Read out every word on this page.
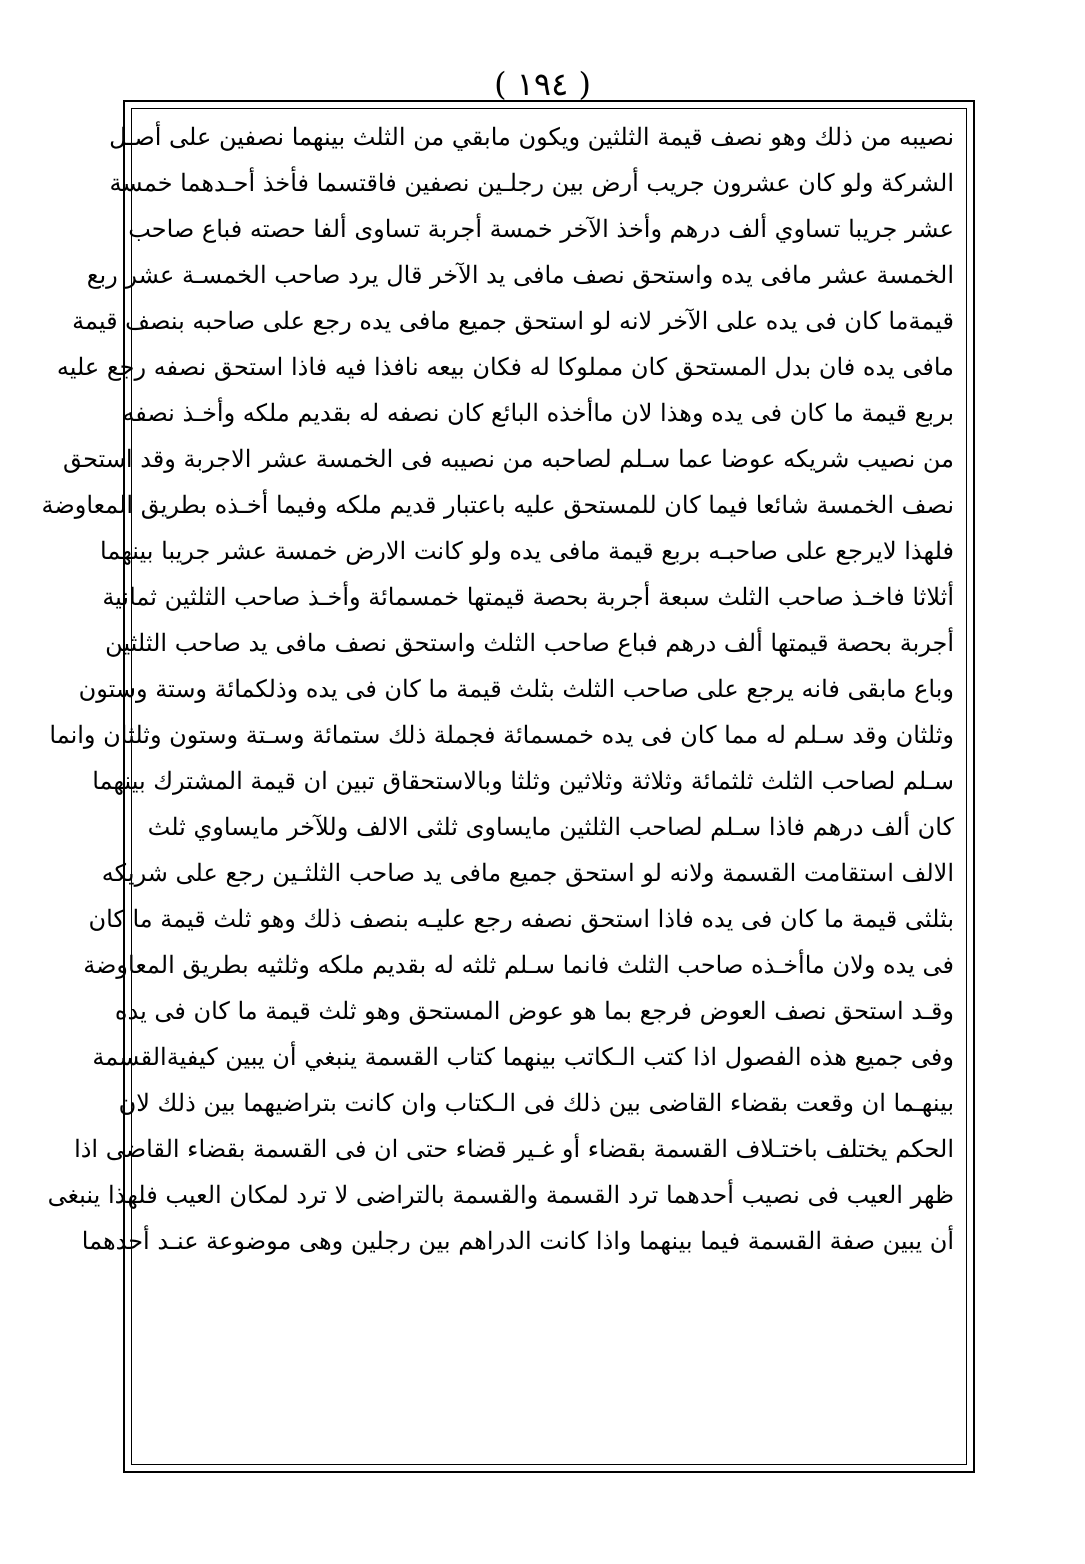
( ١٩٤ )
نصيبه من ذلك وهو نصف قيمة الثلثين ويكون مابقي من الثلث بينهما نصفين على أصـل
الشركة ولو كان عشرون جريب أرض بين رجلـين نصفين فاقتسما فأخذ أحـدهما خمسة
عشر جريبا تساوي ألف درهم وأخذ الآخر خمسة أجربة تساوى ألفا حصته فباع صاحب
الخمسة عشر مافى يده واستحق نصف مافى يد الآخر قال يرد صاحب الخمسـة عشر ربع
قيمةما كان فى يده على الآخر لانه لو استحق جميع مافى يده رجع على صاحبه بنصف قيمة
مافى يده فان بدل المستحق كان مملوكا له فكان بيعه نافذا فيه فاذا استحق نصفه رجع عليه
بربع قيمة ما كان فى يده وهذا لان ماأخذه البائع كان نصفه له بقديم ملكه وأخـذ نصفه
من نصيب شريكه عوضا عما سـلم لصاحبه من نصيبه فى الخمسة عشر الاجربة وقد استحق
نصف الخمسة شائعا فيما كان للمستحق عليه باعتبار قديم ملكه وفيما أخـذه بطريق المعاوضة
فلهذا لايرجع على صاحبـه بربع قيمة مافى يده ولو كانت الارض خمسة عشر جريبا بينهما
أثلاثا فاخـذ صاحب الثلث سبعة أجربة بحصة قيمتها خمسمائة وأخـذ صاحب الثلثين ثمانية
أجربة بحصة قيمتها ألف درهم فباع صاحب الثلث واستحق نصف مافى يد صاحب الثلثين
وباع مابقى فانه يرجع على صاحب الثلث بثلث قيمة ما كان فى يده وذلكمائة وستة وستون
وثلثان وقد سـلم له مما كان فى يده خمسمائة فجملة ذلك ستمائة وسـتة وستون وثلثان وانما
سـلم لصاحب الثلث ثلثمائة وثلاثة وثلاثين وثلثا وبالاستحقاق تبين ان قيمة المشترك بينهما
كان ألف درهم فاذا سـلم لصاحب الثلثين مايساوى ثلثى الالف وللآخر مايساوي ثلث
الالف استقامت القسمة ولانه لو استحق جميع مافى يد صاحب الثلثـين رجع على شريكه
بثلثى قيمة ما كان فى يده فاذا استحق نصفه رجع عليـه بنصف ذلك وهو ثلث قيمة ما كان
فى يده ولان ماأخـذه صاحب الثلث فانما سـلم ثلثه له بقديم ملكه وثلثيه بطريق المعاوضة
وقـد استحق نصف العوض فرجع بما هو عوض المستحق وهو ثلث قيمة ما كان فى يده
وفى جميع هذه الفصول اذا كتب الـكاتب بينهما كتاب القسمة ينبغي أن يبين كيفيةالقسمة
بينهـما ان وقعت بقضاء القاضى بين ذلك فى الـكتاب وان كانت بتراضيهما بين ذلك لان
الحكم يختلف باختـلاف القسمة بقضاء أو غـير قضاء حتى ان فى القسمة بقضاء القاضى اذا
ظهر العيب فى نصيب أحدهما ترد القسمة والقسمة بالتراضى لا ترد لمكان العيب فلهذا ينبغى
أن يبين صفة القسمة فيما بينهما واذا كانت الدراهم بين رجلين وهى موضوعة عنـد أحدهما
